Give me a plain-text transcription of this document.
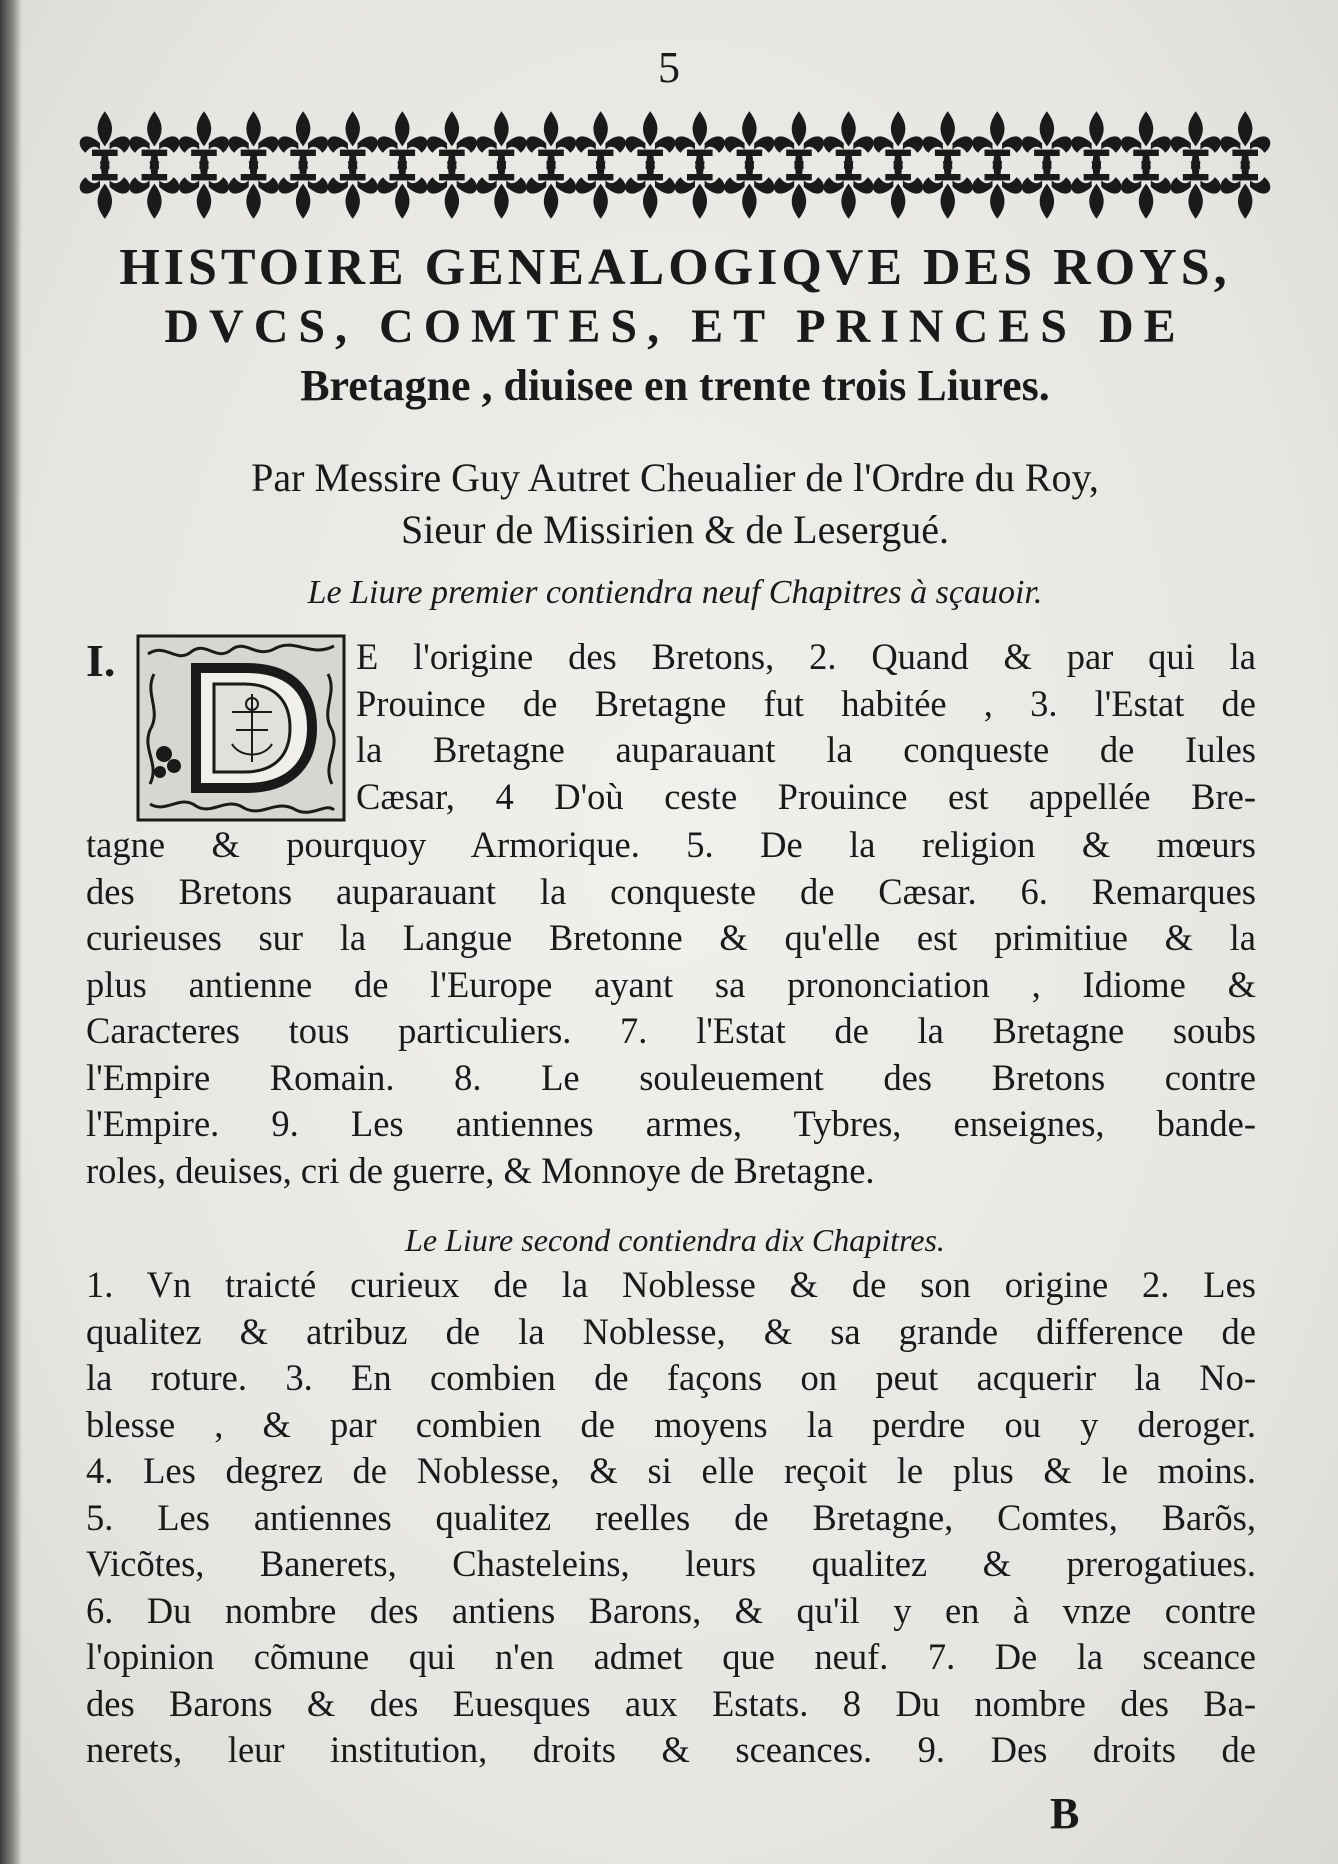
5
HISTOIRE GENEALOGIQVE DES ROYS,
DVCS, COMTES, ET PRINCES DE
Bretagne , diuisee en trente trois Liures.
Par Messire Guy Autret Cheualier de l'Ordre du Roy,
Sieur de Missirien & de Lesergué.
Le Liure premier contiendra neuf Chapitres à sçauoir.
I.
D
E l'origine des Bretons, 2. Quand & par qui la
Prouince de Bretagne fut habitée , 3. l'Estat de
la Bretagne auparauant la conqueste de Iules
Cæsar, 4 D'où ceste Prouince est appellée Bre-
tagne & pourquoy Armorique. 5. De la religion & mœurs
des Bretons auparauant la conqueste de Cæsar. 6. Remarques
curieuses sur la Langue Bretonne & qu'elle est primitiue & la
plus antienne de l'Europe ayant sa prononciation , Idiome &
Caracteres tous particuliers. 7. l'Estat de la Bretagne soubs
l'Empire Romain. 8. Le souleuement des Bretons contre
l'Empire. 9. Les antiennes armes, Tybres, enseignes, bande-
roles, deuises, cri de guerre, & Monnoye de Bretagne.
Le Liure second contiendra dix Chapitres.
1. Vn traicté curieux de la Noblesse & de son origine 2. Les
qualitez & atribuz de la Noblesse, & sa grande difference de
la roture. 3. En combien de façons on peut acquerir la No-
blesse , & par combien de moyens la perdre ou y deroger.
4. Les degrez de Noblesse, & si elle reçoit le plus & le moins.
5. Les antiennes qualitez reelles de Bretagne, Comtes, Barõs,
Vicõtes, Banerets, Chasteleins, leurs qualitez & prerogatiues.
6. Du nombre des antiens Barons, & qu'il y en à vnze contre
l'opinion cõmune qui n'en admet que neuf. 7. De la sceance
des Barons & des Euesques aux Estats. 8 Du nombre des Ba-
nerets, leur institution, droits & sceances. 9. Des droits de
B
